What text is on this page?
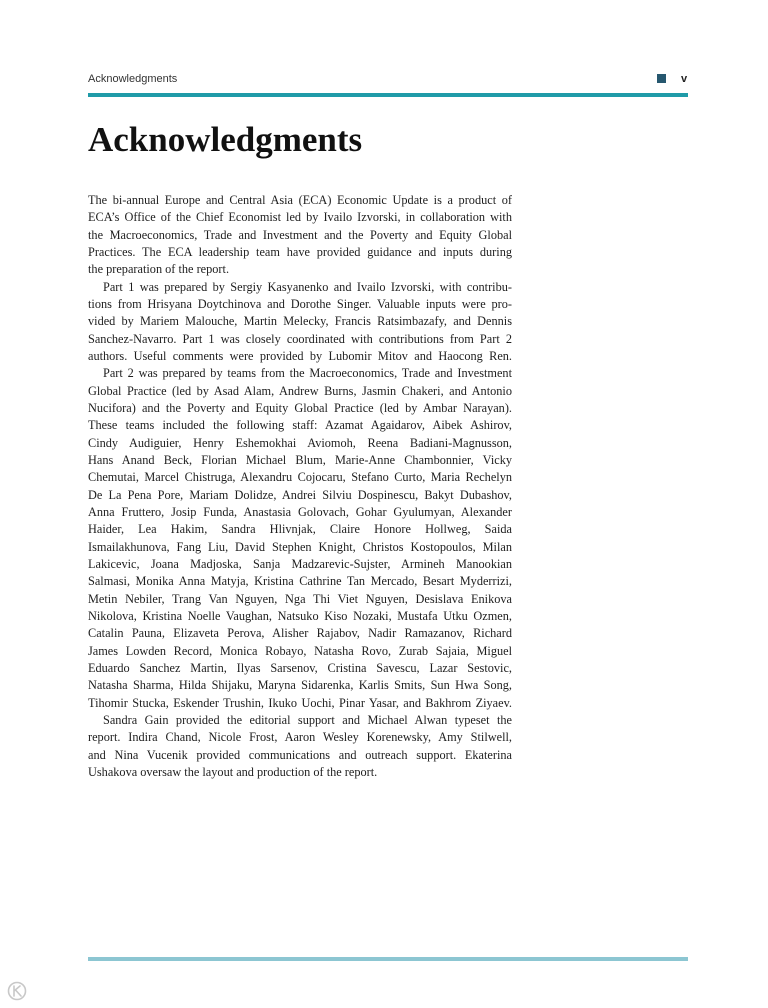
Acknowledgments	v
Acknowledgments
The bi-annual Europe and Central Asia (ECA) Economic Update is a product of
ECA’s Office of the Chief Economist led by Ivailo Izvorski, in collaboration with
the Macroeconomics, Trade and Investment and the Poverty and Equity Global
Practices. The ECA leadership team have provided guidance and inputs during
the preparation of the report.
Part 1 was prepared by Sergiy Kasyanenko and Ivailo Izvorski, with contribu-
tions from Hrisyana Doytchinova and Dorothe Singer. Valuable inputs were pro-
vided by Mariem Malouche, Martin Melecky, Francis Ratsimbazafy, and Dennis
Sanchez-Navarro. Part 1 was closely coordinated with contributions from Part 2
authors. Useful comments were provided by Lubomir Mitov and Haocong Ren.
Part 2 was prepared by teams from the Macroeconomics, Trade and Investment
Global Practice (led by Asad Alam, Andrew Burns, Jasmin Chakeri, and Antonio
Nucifora) and the Poverty and Equity Global Practice (led by Ambar Narayan).
These teams included the following staff: Azamat Agaidarov, Aibek Ashirov,
Cindy Audiguier, Henry Eshemokhai Aviomoh, Reena Badiani-Magnusson,
Hans Anand Beck, Florian Michael Blum, Marie-Anne Chambonnier, Vicky
Chemutai, Marcel Chistruga, Alexandru Cojocaru, Stefano Curto, Maria Rechelyn
De La Pena Pore, Mariam Dolidze, Andrei Silviu Dospinescu, Bakyt Dubashov,
Anna Fruttero, Josip Funda, Anastasia Golovach, Gohar Gyulumyan, Alexander
Haider, Lea Hakim, Sandra Hlivnjak, Claire Honore Hollweg, Saida
Ismailakhunova, Fang Liu, David Stephen Knight, Christos Kostopoulos, Milan
Lakicevic, Joana Madjoska, Sanja Madzarevic-Sujster, Armineh Manookian
Salmasi, Monika Anna Matyja, Kristina Cathrine Tan Mercado, Besart Myderrizi,
Metin Nebiler, Trang Van Nguyen, Nga Thi Viet Nguyen, Desislava Enikova
Nikolova, Kristina Noelle Vaughan, Natsuko Kiso Nozaki, Mustafa Utku Ozmen,
Catalin Pauna, Elizaveta Perova, Alisher Rajabov, Nadir Ramazanov, Richard
James Lowden Record, Monica Robayo, Natasha Rovo, Zurab Sajaia, Miguel
Eduardo Sanchez Martin, Ilyas Sarsenov, Cristina Savescu, Lazar Sestovic,
Natasha Sharma, Hilda Shijaku, Maryna Sidarenka, Karlis Smits, Sun Hwa Song,
Tihomir Stucka, Eskender Trushin, Ikuko Uochi, Pinar Yasar, and Bakhrom Ziyaev.
Sandra Gain provided the editorial support and Michael Alwan typeset the
report. Indira Chand, Nicole Frost, Aaron Wesley Korenewsky, Amy Stilwell,
and Nina Vucenik provided communications and outreach support. Ekaterina
Ushakova oversaw the layout and production of the report.
